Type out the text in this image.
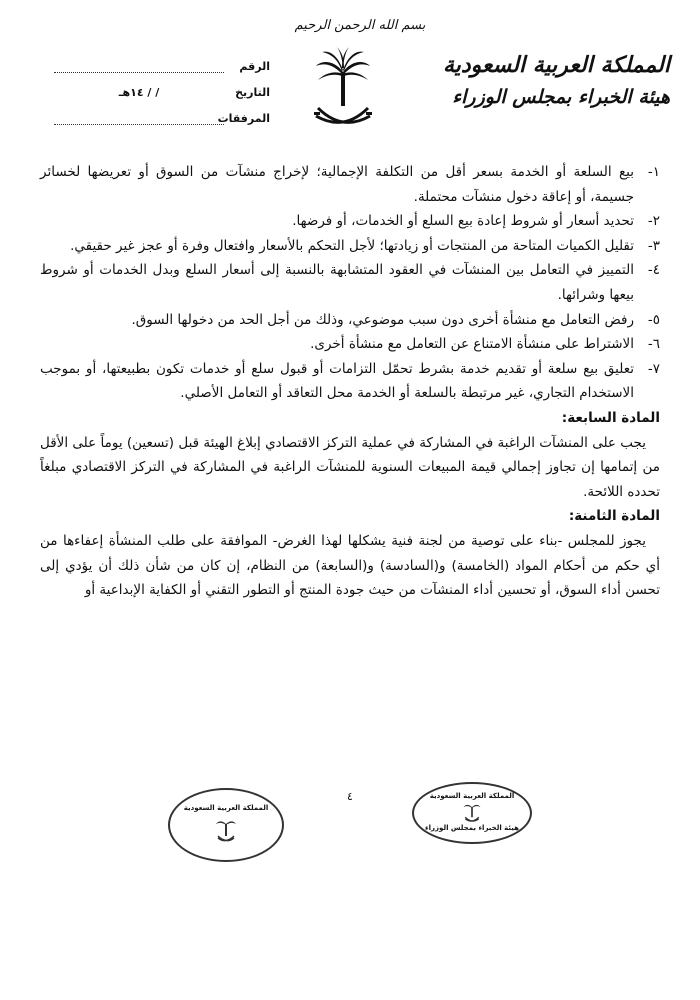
بسم الله الرحمن الرحيم
المملكة العربية السعودية
هيئة الخبراء بمجلس الوزراء
الرقم
التاريخ/ / ١٤هـ
المرفقات
١-
بيع السلعة أو الخدمة بسعر أقل من التكلفة الإجمالية؛ لإخراج منشآت من السوق أو تعريضها لخسائر جسيمة، أو إعاقة دخول منشآت محتملة.
٢-
تحديد أسعار أو شروط إعادة بيع السلع أو الخدمات، أو فرضها.
٣-
تقليل الكميات المتاحة من المنتجات أو زيادتها؛ لأجل التحكم بالأسعار وافتعال وفرة أو عجز غير حقيقي.
٤-
التمييز في التعامل بين المنشآت في العقود المتشابهة بالنسبة إلى أسعار السلع وبدل الخدمات أو شروط بيعها وشرائها.
٥-
رفض التعامل مع منشأة أخرى دون سبب موضوعي، وذلك من أجل الحد من دخولها السوق.
٦-
الاشتراط على منشأة الامتناع عن التعامل مع منشأة أخرى.
٧-
تعليق بيع سلعة أو تقديم خدمة بشرط تحمّل التزامات أو قبول سلع أو خدمات تكون بطبيعتها، أو بموجب الاستخدام التجاري، غير مرتبطة بالسلعة أو الخدمة محل التعاقد أو التعامل الأصلي.

المادة السابعة:

يجب على المنشآت الراغبة في المشاركة في عملية التركز الاقتصادي إبلاغ الهيئة قبل (تسعين) يوماً على الأقل من إتمامها إن تجاوز إجمالي قيمة المبيعات السنوية للمنشآت الراغبة في المشاركة في التركز الاقتصادي مبلغاً تحدده اللائحة.

المادة الثامنة:

يجوز للمجلس -بناء على توصية من لجنة فنية يشكلها لهذا الغرض- الموافقة على طلب المنشأة إعفاءها من أي حكم من أحكام المواد (الخامسة) و(السادسة) و(السابعة) من النظام، إن كان من شأن ذلك أن يؤدي إلى تحسن أداء السوق، أو تحسين أداء المنشآت من حيث جودة المنتج أو التطور التقني أو الكفاية الإبداعية أو

٤
المملكة العربية السعودية
المملكة العربية السعودية
هيئة الخبراء بمجلس الوزراء
